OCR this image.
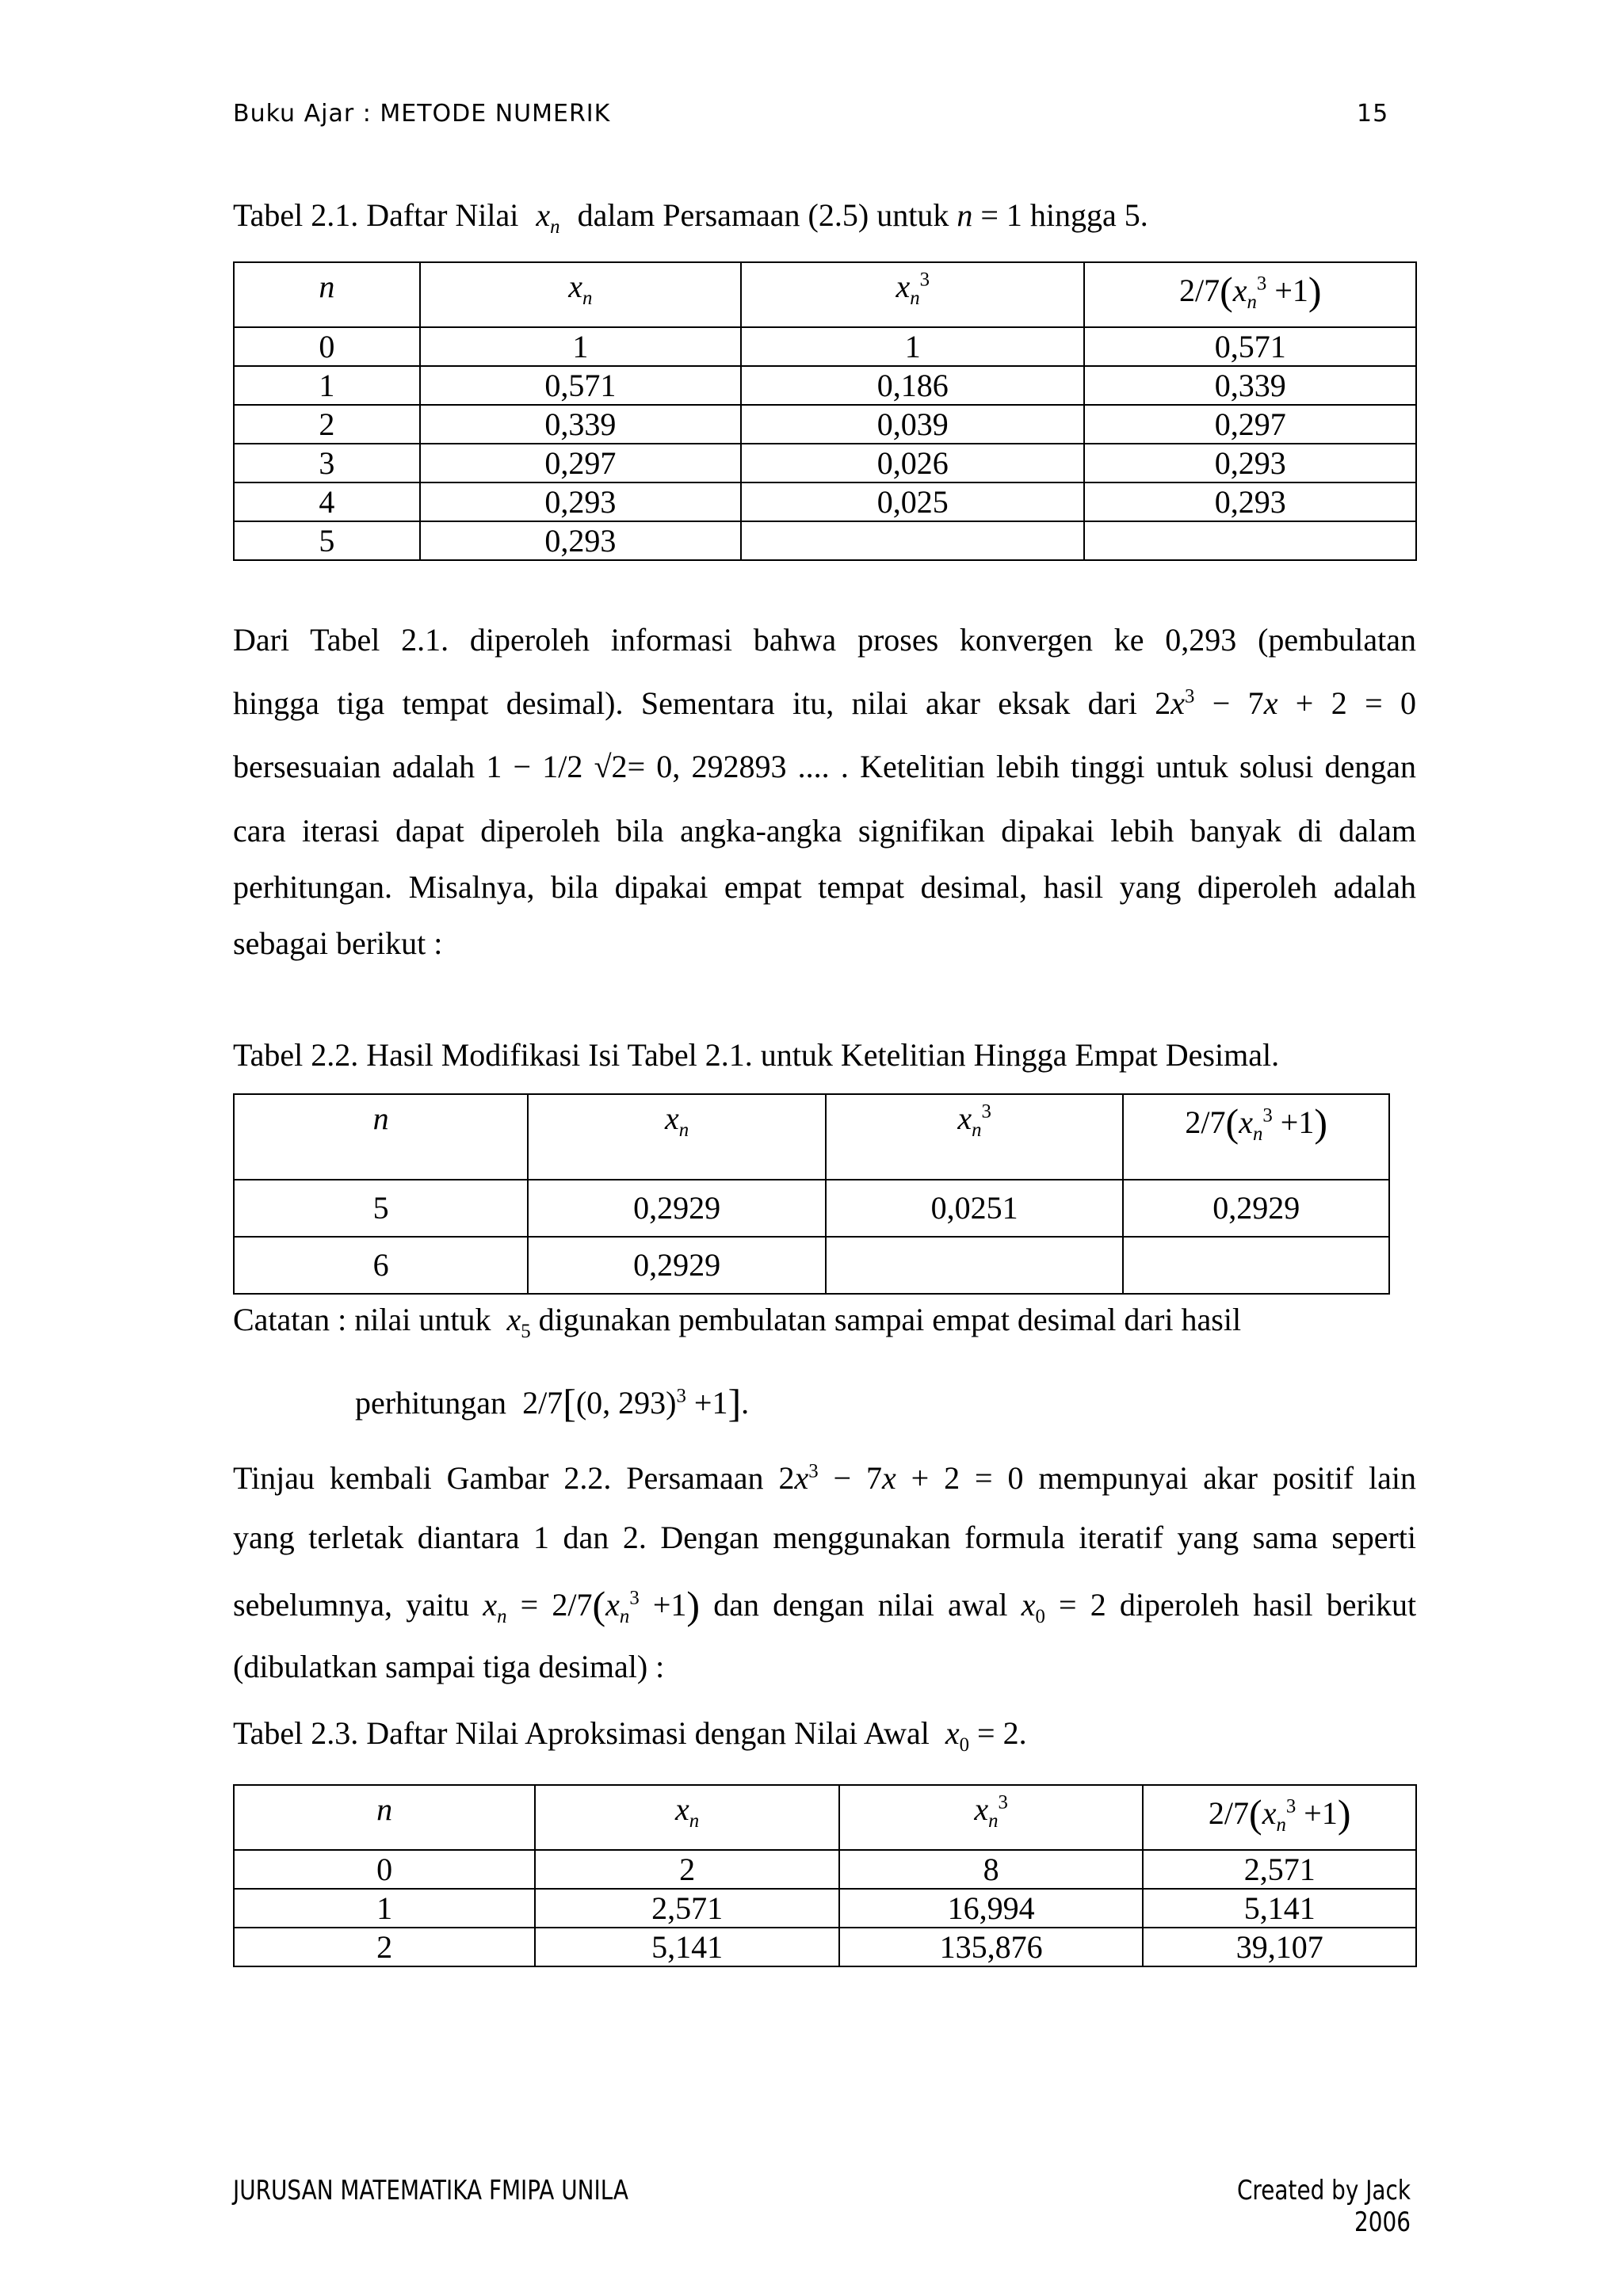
Buku Ajar : METODE NUMERIK	15
Tabel 2.1. Daftar Nilai $x_n$ dalam Persamaan (2.5) untuk n = 1 hingga 5.
n	$x_n$	$x_n^3$	$2/7(x_n^3 +1)$
0	1	1	0,571
1	0,571	0,186	0,339
2	0,339	0,039	0,297
3	0,297	0,026	0,293
4	0,293	0,025	0,293
5	0,293		
Dari Tabel 2.1. diperoleh informasi bahwa proses konvergen ke 0,293 (pembulatan
hingga tiga tempat desimal). Sementara itu, nilai akar eksak dari $2x^3 - 7x + 2 = 0$
bersesuaian adalah 1 − 1/2 √2= 0, 292893 .... . Ketelitian lebih tinggi untuk solusi dengan
cara iterasi dapat diperoleh bila angka-angka signifikan dipakai lebih banyak di dalam
perhitungan. Misalnya, bila dipakai empat tempat desimal, hasil yang diperoleh adalah
sebagai berikut :
Tabel 2.2. Hasil Modifikasi Isi Tabel 2.1. untuk Ketelitian Hingga Empat Desimal.
n	$x_n$	$x_n^3$	$2/7(x_n^3 +1)$
5	0,2929	0,0251	0,2929
6	0,2929		
Catatan : nilai untuk $x_5$ digunakan pembulatan sampai empat desimal dari hasil
perhitungan 2/7[(0, 293)$^3$ +1].
Tinjau kembali Gambar 2.2. Persamaan $2x^3 - 7x + 2 = 0$ mempunyai akar positif lain
yang terletak diantara 1 dan 2. Dengan menggunakan formula iteratif yang sama seperti
sebelumnya, yaitu $x_n = 2/7(x_n^3 +1)$ dan dengan nilai awal $x_0 = 2$ diperoleh hasil berikut
(dibulatkan sampai tiga desimal) :
Tabel 2.3. Daftar Nilai Aproksimasi dengan Nilai Awal $x_0 = 2$.
n	$x_n$	$x_n^3$	$2/7(x_n^3 +1)$
0	2	8	2,571
1	2,571	16,994	5,141
2	5,141	135,876	39,107
JURUSAN MATEMATIKA FMIPA UNILA	Created by Jack 2006
